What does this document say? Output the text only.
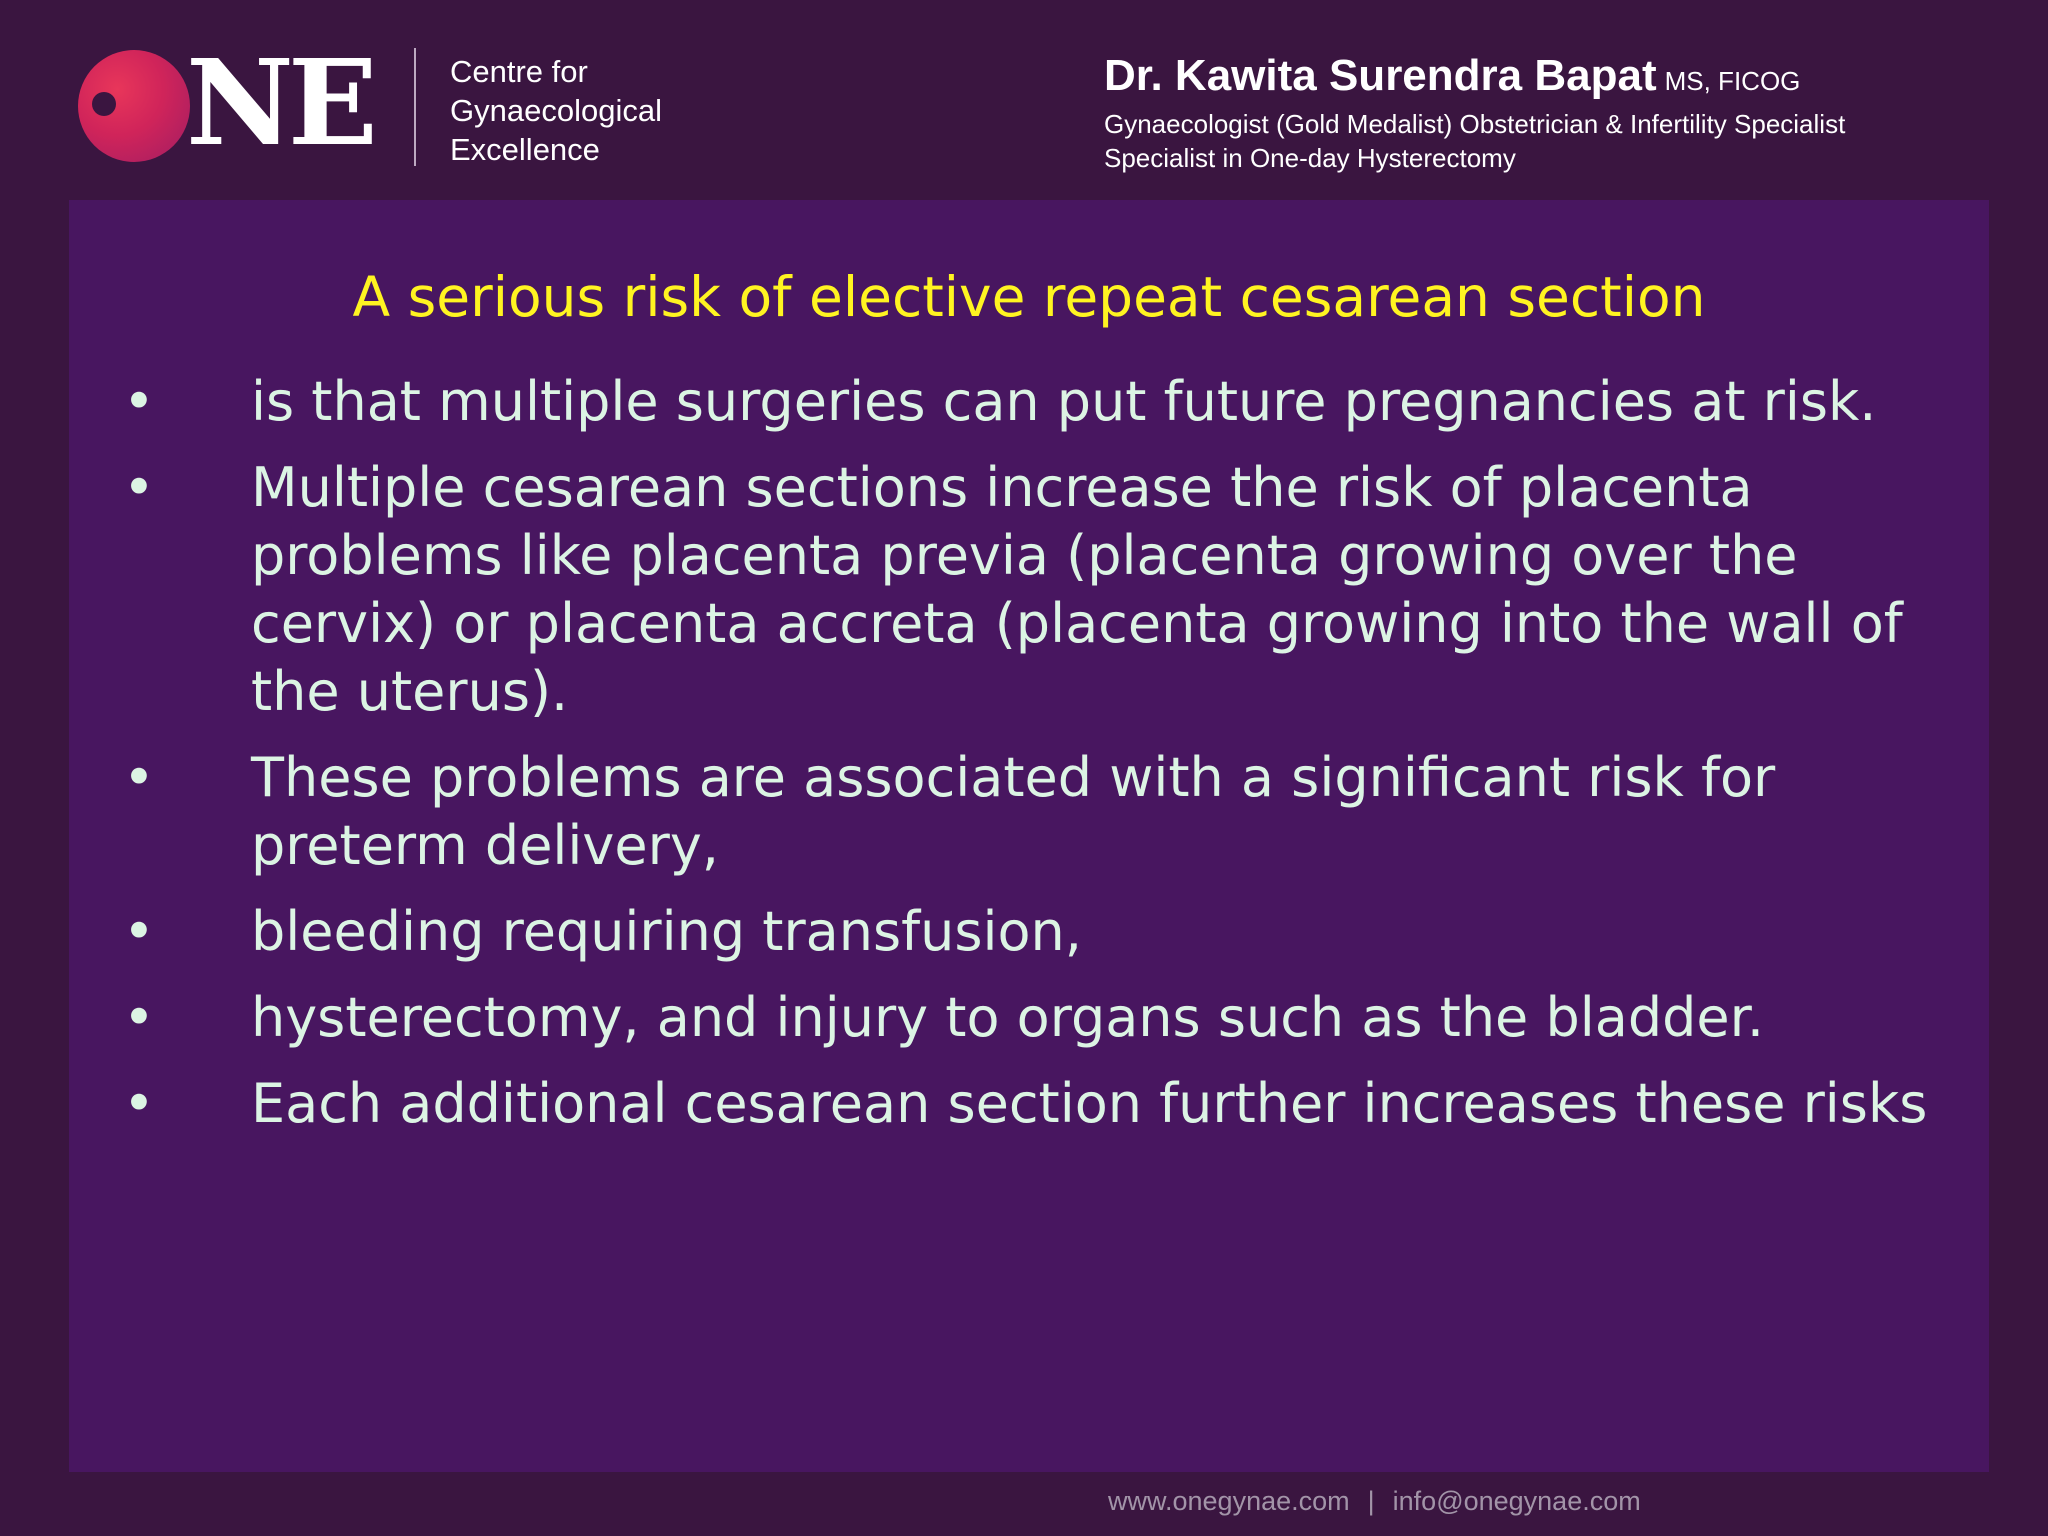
NE	Centre for
Gynaecological
Excellence
Dr. Kawita Surendra Bapat MS, FICOG
Gynaecologist (Gold Medalist) Obstetrician & Infertility Specialist
Specialist in One-day Hysterectomy
A serious risk of elective repeat cesarean section
• is that multiple surgeries can put future pregnancies at risk.
• Multiple cesarean sections increase the risk of placenta problems like placenta previa (placenta growing over the cervix) or placenta accreta (placenta growing into the wall of the uterus).
• These problems are associated with a significant risk for preterm delivery,
• bleeding requiring transfusion,
• hysterectomy, and injury to organs such as the bladder.
• Each additional cesarean section further increases these risks
www.onegynae.com | info@onegynae.com
